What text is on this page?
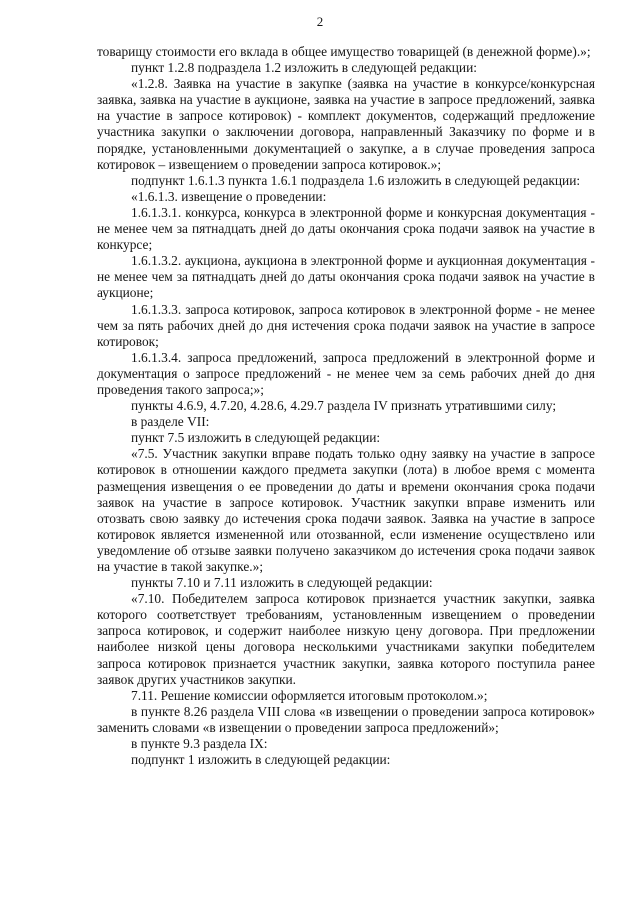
2

товарищу стоимости его вклада в общее имущество товарищей (в денежной форме).»;

пункт 1.2.8 подраздела 1.2 изложить в следующей редакции:

«1.2.8. Заявка на участие в закупке (заявка на участие в конкурсе/конкурсная заявка, заявка на участие в аукционе, заявка на участие в запросе предложений, заявка на участие в запросе котировок) - комплект документов, содержащий предложение участника закупки о заключении договора, направленный Заказчику по форме и в порядке, установленными документацией о закупке, а в случае проведения запроса котировок – извещением о проведении запроса котировок.»;

подпункт 1.6.1.3 пункта 1.6.1 подраздела 1.6 изложить в следующей редакции:

«1.6.1.3. извещение о проведении:

1.6.1.3.1. конкурса, конкурса в электронной форме и конкурсная документация - не менее чем за пятнадцать дней до даты окончания срока подачи заявок на участие в конкурсе;

1.6.1.3.2. аукциона, аукциона в электронной форме и аукционная документация - не менее чем за пятнадцать дней до даты окончания срока подачи заявок на участие в аукционе;

1.6.1.3.3. запроса котировок, запроса котировок в электронной форме - не менее чем за пять рабочих дней до дня истечения срока подачи заявок на участие в запросе котировок;

1.6.1.3.4. запроса предложений, запроса предложений в электронной форме и документация о запросе предложений - не менее чем за семь рабочих дней до дня проведения такого запроса;»;

пункты 4.6.9, 4.7.20, 4.28.6, 4.29.7 раздела IV признать утратившими силу;

в разделе VII:

пункт 7.5 изложить в следующей редакции:

«7.5. Участник закупки вправе подать только одну заявку на участие в запросе котировок в отношении каждого предмета закупки (лота) в любое время с момента размещения извещения о ее проведении до даты и времени окончания срока подачи заявок на участие в запросе котировок. Участник закупки вправе изменить или отозвать свою заявку до истечения срока подачи заявок. Заявка на участие в запросе котировок является измененной или отозванной, если изменение осуществлено или уведомление об отзыве заявки получено заказчиком до истечения срока подачи заявок на участие в такой закупке.»;

пункты 7.10 и 7.11 изложить в следующей редакции:

«7.10. Победителем запроса котировок признается участник закупки, заявка которого соответствует требованиям, установленным извещением о проведении запроса котировок, и содержит наиболее низкую цену договора. При предложении наиболее низкой цены договора несколькими участниками закупки победителем запроса котировок признается участник закупки, заявка которого поступила ранее заявок других участников закупки.

7.11. Решение комиссии оформляется итоговым протоколом.»;

в пункте 8.26 раздела VIII слова «в извещении о проведении запроса котировок» заменить словами «в извещении о проведении запроса предложений»;

в пункте 9.3 раздела IX:

подпункт 1 изложить в следующей редакции:
